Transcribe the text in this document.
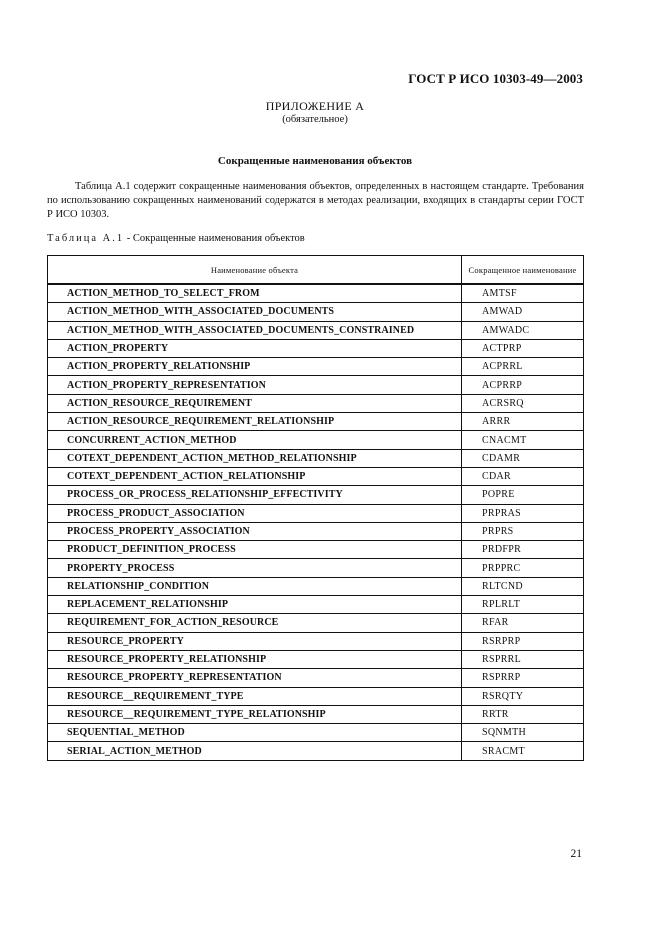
ГОСТ Р ИСО 10303-49—2003
ПРИЛОЖЕНИЕ А
(обязательное)
Сокращенные наименования объектов

Таблица А.1 содержит сокращенные наименования объектов, определенных в настоящем стандарте. Требования по использованию сокращенных наименований содержатся в методах реализации, входящих в стандарты серии ГОСТ Р ИСО 10303.

Таблица А.1 - Сокращенные наименования объектов
Наименование объекта	Сокращенное наименование
ACTION_METHOD_TO_SELECT_FROM	AMTSF
ACTION_METHOD_WITH_ASSOCIATED_DOCUMENTS	AMWAD
ACTION_METHOD_WITH_ASSOCIATED_DOCUMENTS_CONSTRAINED	AMWADC
ACTION_PROPERTY	ACTPRP
ACTION_PROPERTY_RELATIONSHIP	ACPRRL
ACTION_PROPERTY_REPRESENTATION	ACPRRP
ACTION_RESOURCE_REQUIREMENT	ACRSRQ
ACTION_RESOURCE_REQUIREMENT_RELATIONSHIP	ARRR
CONCURRENT_ACTION_METHOD	CNACMT
COTEXT_DEPENDENT_ACTION_METHOD_RELATIONSHIP	CDAMR
COTEXT_DEPENDENT_ACTION_RELATIONSHIP	CDAR
PROCESS_OR_PROCESS_RELATIONSHIP_EFFECTIVITY	POPRE
PROCESS_PRODUCT_ASSOCIATION	PRPRAS
PROCESS_PROPERTY_ASSOCIATION	PRPRS
PRODUCT_DEFINITION_PROCESS	PRDFPR
PROPERTY_PROCESS	PRPPRC
RELATIONSHIP_CONDITION	RLTCND
REPLACEMENT_RELATIONSHIP	RPLRLT
REQUIREMENT_FOR_ACTION_RESOURCE	RFAR
RESOURCE_PROPERTY	RSRPRP
RESOURCE_PROPERTY_RELATIONSHIP	RSPRRL
RESOURCE_PROPERTY_REPRESENTATION	RSPRRP
RESOURCE__REQUIREMENT_TYPE	RSRQTY
RESOURCE__REQUIREMENT_TYPE_RELATIONSHIP	RRTR
SEQUENTIAL_METHOD	SQNMTH
SERIAL_ACTION_METHOD	SRACMT
21
